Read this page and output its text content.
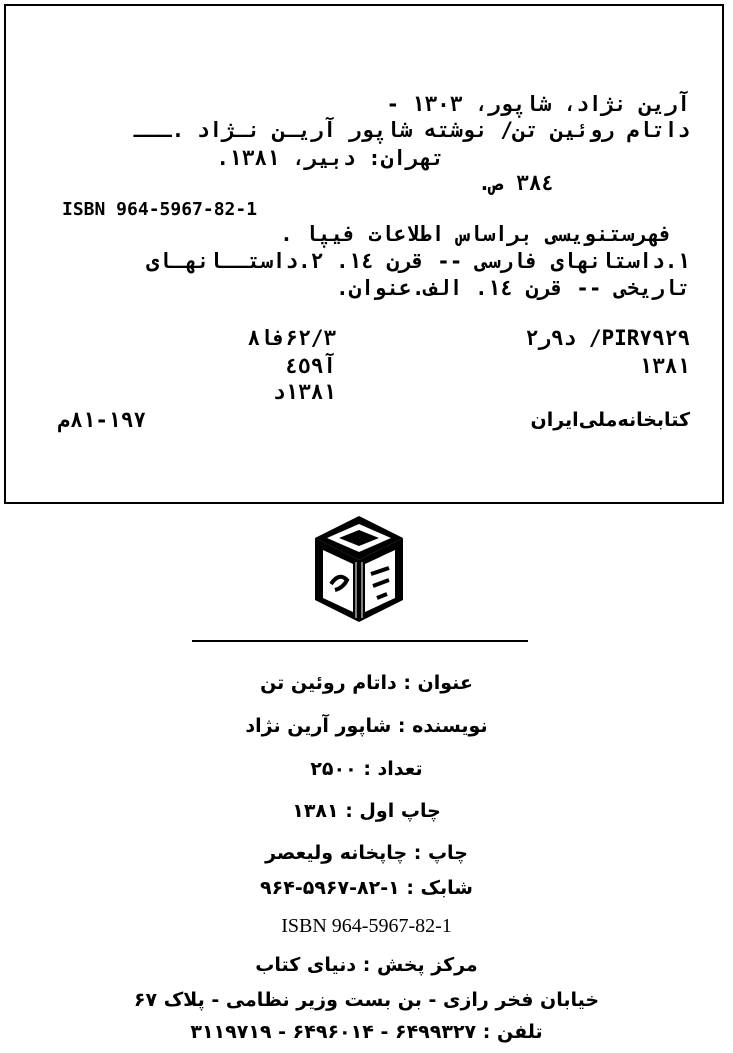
آرین نژاد، شاپور، ۱۳۰۳ -
داتام روئین تن/ نوشته شاپور آریـن نـژاد .ـــ
تهران: دبیر، ۱۳۸۱.
۳۸٤ ص.
ISBN 964-5967-82-1
فهرستنویسی براساس اطلاعات فیپا .
١.داستانهای فارسی -- قرن ١٤. ٢.داستــانهـای
تاریخی -- قرن ١٤. الف.عنوان.
PIR۷۹۲۹/ د۹ر۲
۱۳۸۱
۶۲/۳فا۸
آ٤٥٩
۱۳۸۱د
کتابخانه‌ملی‌ایران
۸۱-۱۹۷م
عنوان : داتام روئین تن
نویسنده : شاپور آرین نژاد
تعداد : ۲۵۰۰
چاپ اول : ۱۳۸۱
چاپ : چاپخانه ولیعصر
شابک : ۱-۸۲-۵۹۶۷-۹۶۴
ISBN 964-5967-82-1
مرکز پخش : دنیای کتاب
خیابان فخر رازی - بن بست وزیر نظامی - پلاک ۶۷
تلفن : ۶۴۹۹۳۲۷ - ۶۴۹۶۰۱۴ - ۳۱۱۹۷۱۹
